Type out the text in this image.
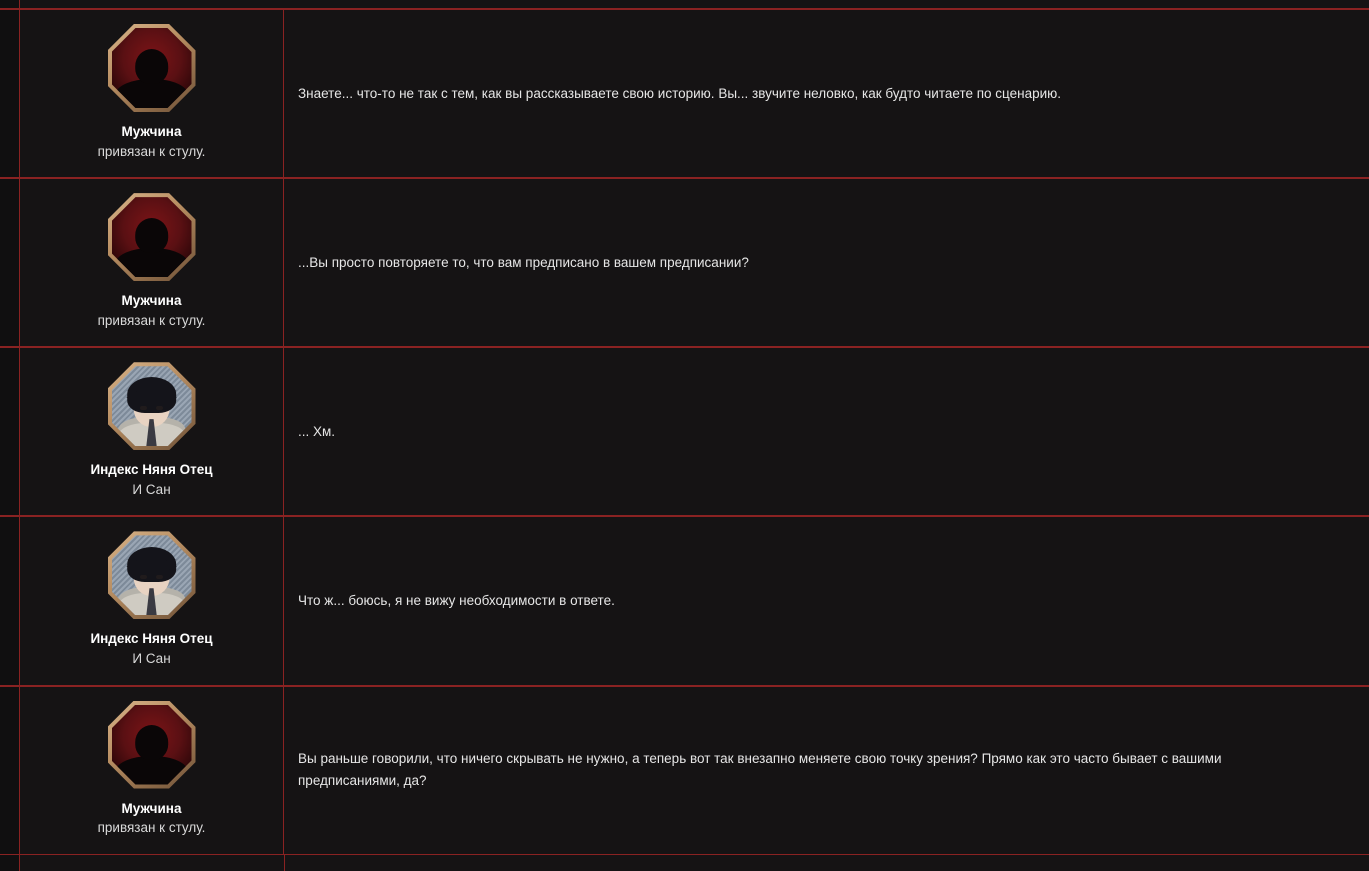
Мужчина
привязан к стулу.
Знаете... что-то не так с тем, как вы рассказываете свою историю. Вы... звучите неловко, как будто читаете по сценарию.
Мужчина
привязан к стулу.
...Вы просто повторяете то, что вам предписано в вашем предписании?
Индекс Няня Отец
И Сан
... Хм.
Индекс Няня Отец
И Сан
Что ж... боюсь, я не вижу необходимости в ответе.
Мужчина
привязан к стулу.
Вы раньше говорили, что ничего скрывать не нужно, а теперь вот так внезапно меняете свою точку зрения? Прямо как это часто бывает с вашими предписаниями, да?
